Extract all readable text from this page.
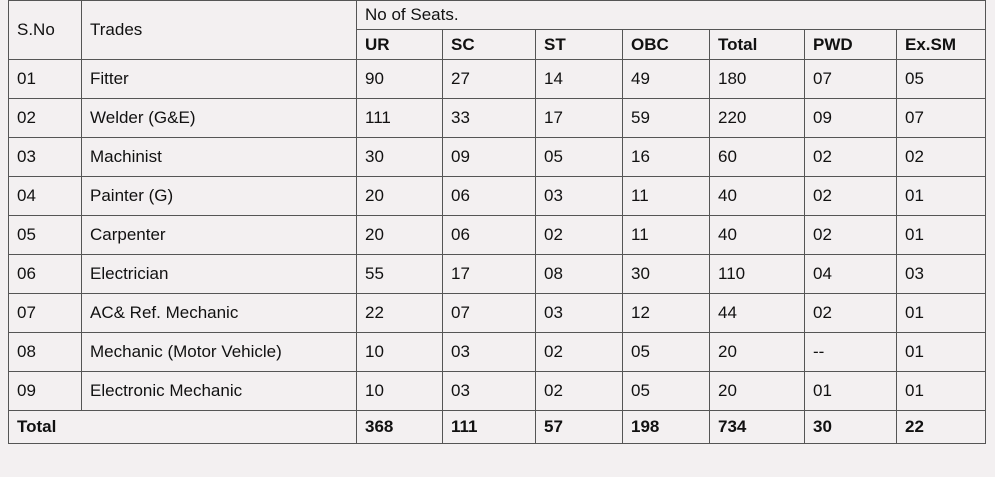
S.No	Trades	No of Seats.						
		UR	SC	ST	OBC	Total	PWD	Ex.SM
01	Fitter	90	27	14	49	180	07	05
02	Welder (G&E)	111	33	17	59	220	09	07
03	Machinist	30	09	05	16	60	02	02
04	Painter (G)	20	06	03	11	40	02	01
05	Carpenter	20	06	02	11	40	02	01
06	Electrician	55	17	08	30	110	04	03
07	AC& Ref. Mechanic	22	07	03	12	44	02	01
08	Mechanic (Motor Vehicle)	10	03	02	05	20	--	01
09	Electronic Mechanic	10	03	02	05	20	01	01
Total		368	111	57	198	734	30	22
